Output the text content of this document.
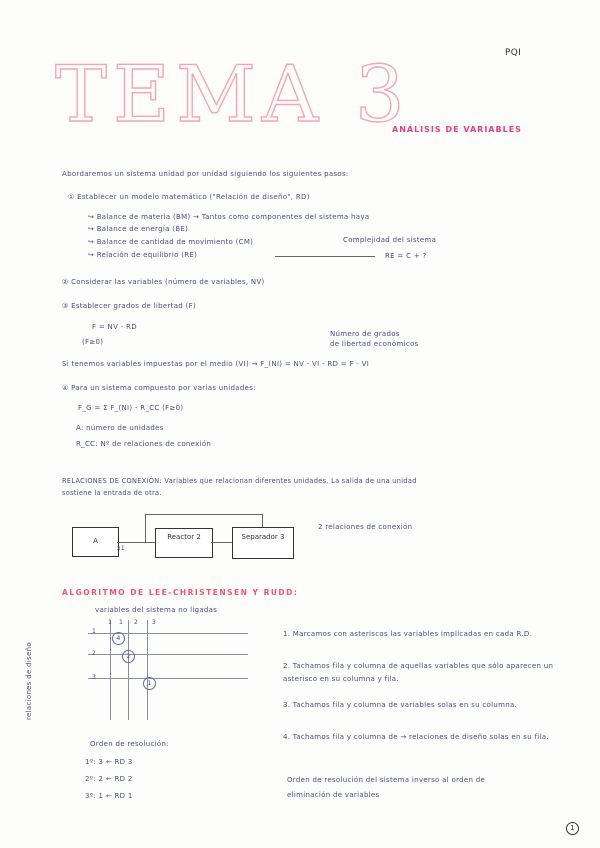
PQI
TEMA 3
ANÁLISIS DE VARIABLES
Abordaremos un sistema unidad por unidad siguiendo los siguientes pasos:
① Establecer un modelo matemático ("Relación de diseño", RD)
↪ Balance de materia (BM) → Tantos como componentes del sistema haya
↪ Balance de energía (BE)
↪ Balance de cantidad de movimiento (CM)
↪ Relación de equilibrio (RE)
Complejidad del sistema
RE = C + ?
② Considerar las variables (número de variables, NV)
③ Establecer grados de libertad (F)
F = NV - RD
(F≥0)
Número de grados
de libertad económicos
Si tenemos variables impuestas por el medio (VI) → F_(NI) = NV - VI - RD = F - VI
④ Para un sistema compuesto por varias unidades:
F_G = Σ F_(NI) - R_CC (F≥0)
A: número de unidades
R_CC: Nº de relaciones de conexión
RELACIONES DE CONEXIÓN: Variables que relacionan diferentes unidades. La salida de una unidad
sostiene la entrada de otra.
A	Reactor 2	Separador 3
x1
2 relaciones de conexión
ALGORITMO DE LEE-CHRISTENSEN Y RUDD:
variables del sistema no ligadas
relaciones de diseño
1 1 2 3
1
2
3
4
2
1
1. Marcamos con asteriscos las variables implicadas en cada R.D.
2. Tachamos fila y columna de aquellas variables que sólo aparecen un asterisco en su columna y fila.
3. Tachamos fila y columna de variables solas en su columna.
4. Tachamos fila y columna de → relaciones de diseño solas en su fila.
Orden de resolución:
1º: 3 ← RD 3
2º: 2 ← RD 2
3º: 1 ← RD 1
Orden de resolución del sistema inverso al orden de
eliminación de variables
1
